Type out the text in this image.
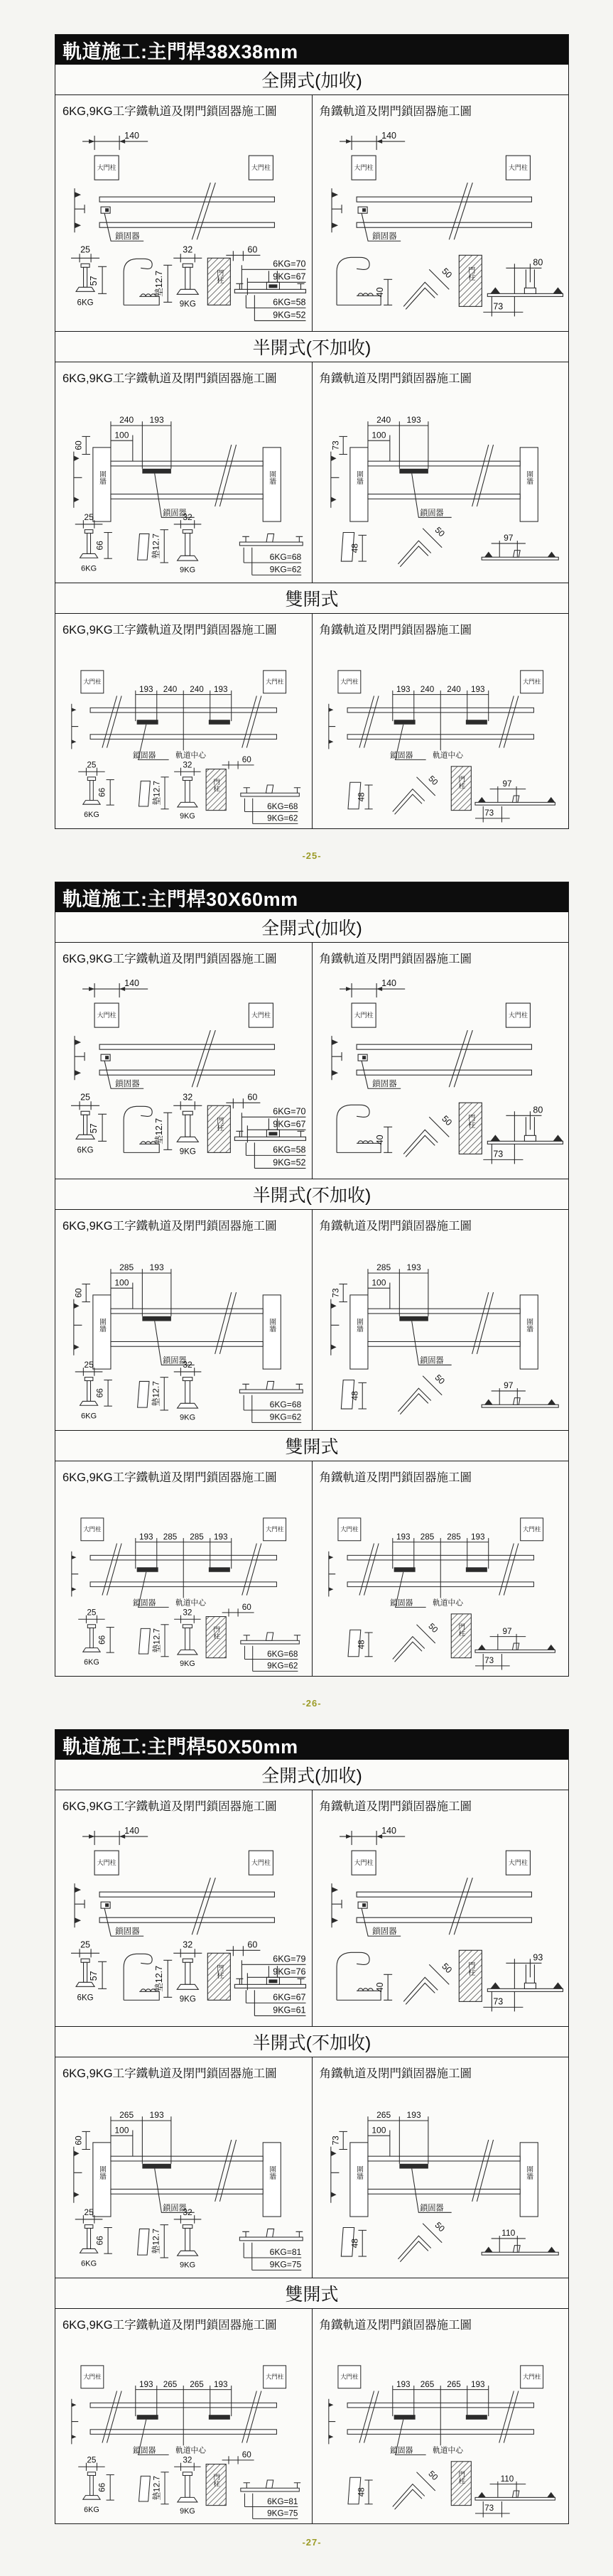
軌道施工:主門桿38X38mm
全開式(加收)
6KG,9KG工字鐵軌道及閉門鎖固器施工圖
140
大門柱	大門柱
鎖固器
25
6KG
57	墊12.7
32
9KG
門柱
60
6KG=70
9KG=67
6KG=58
9KG=52
角鐵軌道及閉門鎖固器施工圖
140
大門柱	大門柱
鎖固器
40
50 門柱
80
73
半開式(不加收)
6KG,9KG工字鐵軌道及閉門鎖固器施工圖
60
圍牆	圍牆
鎖固器
240 193
100
25
6KG
66	墊12.7
32
9KG
6KG=68
9KG=62
角鐵軌道及閉門鎖固器施工圖
73
圍牆	圍牆
鎖固器
240 193
100
48
50	97
雙開式
6KG,9KG工字鐵軌道及閉門鎖固器施工圖
大門柱	大門柱
193 240 240 193
鎖固器 軌道中心
25
6KG
66	墊12.7
32
9KG
門柱
60
6KG=68
9KG=62
角鐵軌道及閉門鎖固器施工圖
大門柱	大門柱
193 240 240 193
鎖固器 軌道中心
48
50	門柱	97
73
-25-
軌道施工:主門桿30X60mm
全開式(加收)
6KG,9KG工字鐵軌道及閉門鎖固器施工圖
140
大門柱	大門柱
鎖固器
25
6KG
57	墊12.7
32
9KG
門柱
60
6KG=70
9KG=67
6KG=58
9KG=52
角鐵軌道及閉門鎖固器施工圖
140
大門柱	大門柱
鎖固器
40
50 門柱
80
73
半開式(不加收)
6KG,9KG工字鐵軌道及閉門鎖固器施工圖
60
圍牆	圍牆
鎖固器
285 193
100
25
6KG
66	墊12.7
32
9KG
6KG=68
9KG=62
角鐵軌道及閉門鎖固器施工圖
73
圍牆	圍牆
鎖固器
285 193
100
48
50	97
雙開式
6KG,9KG工字鐵軌道及閉門鎖固器施工圖
大門柱	大門柱
193 285 285 193
鎖固器 軌道中心
25
6KG
66	墊12.7
32
9KG
門柱
60
6KG=68
9KG=62
角鐵軌道及閉門鎖固器施工圖
大門柱	大門柱
193 285 285 193
鎖固器 軌道中心
48
50	門柱	97
73
-26-
軌道施工:主門桿50X50mm
全開式(加收)
6KG,9KG工字鐵軌道及閉門鎖固器施工圖
140
大門柱	大門柱
鎖固器
25
6KG
57	墊12.7
32
9KG
門柱
60
6KG=79
9KG=76
6KG=67
9KG=61
角鐵軌道及閉門鎖固器施工圖
140
大門柱	大門柱
鎖固器
40
50 門柱
93
73
半開式(不加收)
6KG,9KG工字鐵軌道及閉門鎖固器施工圖
60
圍牆	圍牆
鎖固器
265 193
100
25
6KG
66	墊12.7
32
9KG
6KG=81
9KG=75
角鐵軌道及閉門鎖固器施工圖
73
圍牆	圍牆
鎖固器
265 193
100
48
50	110
雙開式
6KG,9KG工字鐵軌道及閉門鎖固器施工圖
大門柱	大門柱
193 265 265 193
鎖固器 軌道中心
25
6KG
66	墊12.7
32
9KG
門柱
60
6KG=81
9KG=75
角鐵軌道及閉門鎖固器施工圖
大門柱	大門柱
193 265 265 193
鎖固器 軌道中心
48
50	門柱	110
73
-27-
